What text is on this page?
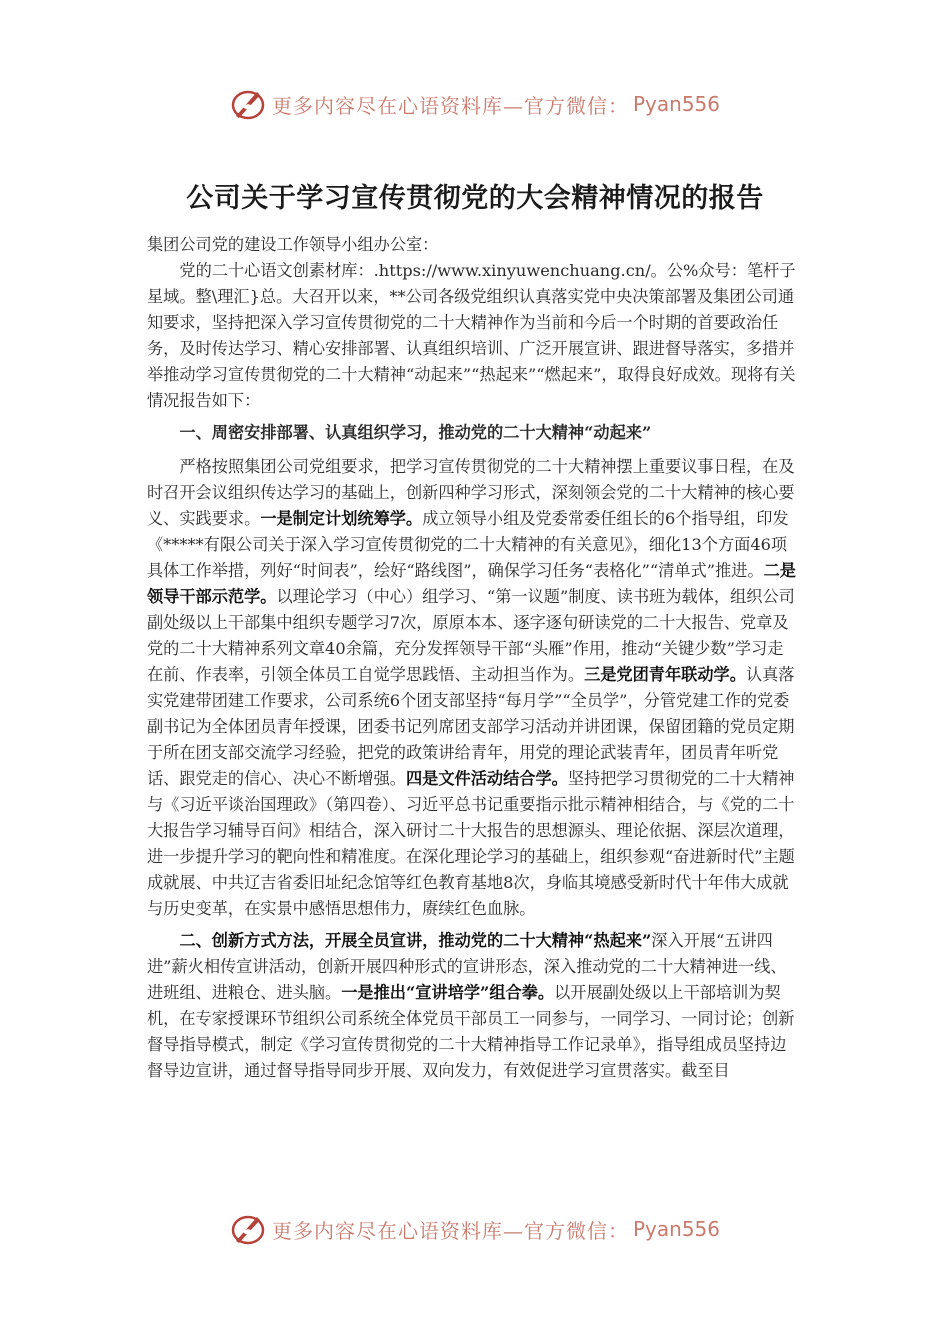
更多内容尽在心语资料库—官方微信： Pyan556
公司关于学习宣传贯彻党的大会精神情况的报告

集团公司党的建设工作领导小组办公室：

党的二十心语文创素材库：.https://www.xinyuwenchuang.cn/。公%众号：笔杆子星域。整\理汇}总。大召开以来，**公司各级党组织认真落实党中央决策部署及集团公司通知要求，坚持把深入学习宣传贯彻党的二十大精神作为当前和今后一个时期的首要政治任务，及时传达学习、精心安排部署、认真组织培训、广泛开展宣讲、跟进督导落实，多措并举推动学习宣传贯彻党的二十大精神“动起来”“热起来”“燃起来”，取得良好成效。现将有关情况报告如下：

一、周密安排部署、认真组织学习，推动党的二十大精神“动起来”

严格按照集团公司党组要求，把学习宣传贯彻党的二十大精神摆上重要议事日程，在及时召开会议组织传达学习的基础上，创新四种学习形式，深刻领会党的二十大精神的核心要义、实践要求。一是制定计划统筹学。成立领导小组及党委常委任组长的6个指导组，印发《*****有限公司关于深入学习宣传贯彻党的二十大精神的有关意见》，细化13个方面46项具体工作举措，列好“时间表”，绘好“路线图”，确保学习任务“表格化”“清单式”推进。二是领导干部示范学。以理论学习（中心）组学习、“第一议题”制度、读书班为载体，组织公司副处级以上干部集中组织专题学习7次，原原本本、逐字逐句研读党的二十大报告、党章及党的二十大精神系列文章40余篇，充分发挥领导干部“头雁”作用，推动“关键少数”学习走在前、作表率，引领全体员工自觉学思践悟、主动担当作为。三是党团青年联动学。认真落实党建带团建工作要求，公司系统6个团支部坚持“每月学”“全员学”，分管党建工作的党委副书记为全体团员青年授课，团委书记列席团支部学习活动并讲团课，保留团籍的党员定期于所在团支部交流学习经验，把党的政策讲给青年，用党的理论武装青年，团员青年听党话、跟党走的信心、决心不断增强。四是文件活动结合学。坚持把学习贯彻党的二十大精神与《习近平谈治国理政》（第四卷）、习近平总书记重要指示批示精神相结合，与《党的二十大报告学习辅导百问》相结合，深入研讨二十大报告的思想源头、理论依据、深层次道理，进一步提升学习的靶向性和精准度。在深化理论学习的基础上，组织参观“奋进新时代”主题成就展、中共辽吉省委旧址纪念馆等红色教育基地8次，身临其境感受新时代十年伟大成就与历史变革，在实景中感悟思想伟力，赓续红色血脉。

二、创新方式方法，开展全员宣讲，推动党的二十大精神“热起来”深入开展“五讲四进”薪火相传宣讲活动，创新开展四种形式的宣讲形态，深入推动党的二十大精神进一线、进班组、进粮仓、进头脑。一是推出“宣讲培学”组合拳。以开展副处级以上干部培训为契机，在专家授课环节组织公司系统全体党员干部员工一同参与，一同学习、一同讨论；创新督导指导模式，制定《学习宣传贯彻党的二十大精神指导工作记录单》，指导组成员坚持边督导边宣讲，通过督导指导同步开展、双向发力，有效促进学习宣贯落实。截至目

更多内容尽在心语资料库—官方微信： Pyan556
